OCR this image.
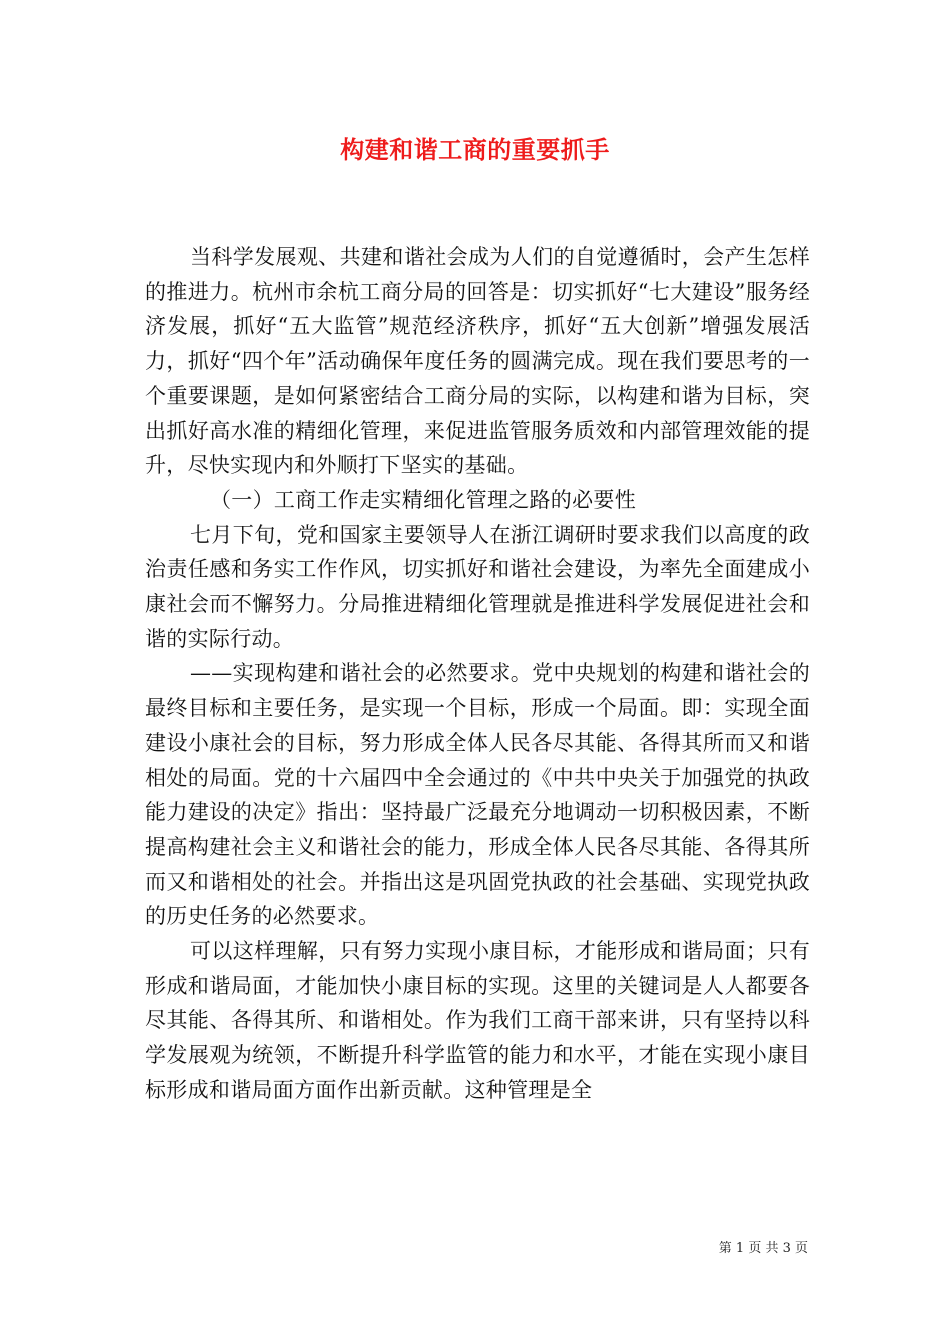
构建和谐工商的重要抓手

当科学发展观、共建和谐社会成为人们的自觉遵循时，会产生怎样的推进力。杭州市余杭工商分局的回答是：切实抓好“七大建设”服务经济发展，抓好“五大监管”规范经济秩序，抓好“五大创新”增强发展活力，抓好“四个年”活动确保年度任务的圆满完成。现在我们要思考的一个重要课题，是如何紧密结合工商分局的实际，以构建和谐为目标，突出抓好高水准的精细化管理，来促进监管服务质效和内部管理效能的提升，尽快实现内和外顺打下坚实的基础。

（一）工商工作走实精细化管理之路的必要性

七月下旬，党和国家主要领导人在浙江调研时要求我们以高度的政治责任感和务实工作作风，切实抓好和谐社会建设，为率先全面建成小康社会而不懈努力。分局推进精细化管理就是推进科学发展促进社会和谐的实际行动。

——实现构建和谐社会的必然要求。党中央规划的构建和谐社会的最终目标和主要任务，是实现一个目标，形成一个局面。即：实现全面建设小康社会的目标，努力形成全体人民各尽其能、各得其所而又和谐相处的局面。党的十六届四中全会通过的《中共中央关于加强党的执政能力建设的决定》指出：坚持最广泛最充分地调动一切积极因素，不断提高构建社会主义和谐社会的能力，形成全体人民各尽其能、各得其所而又和谐相处的社会。并指出这是巩固党执政的社会基础、实现党执政的历史任务的必然要求。

可以这样理解，只有努力实现小康目标，才能形成和谐局面；只有形成和谐局面，才能加快小康目标的实现。这里的关键词是人人都要各尽其能、各得其所、和谐相处。作为我们工商干部来讲，只有坚持以科学发展观为统领，不断提升科学监管的能力和水平，才能在实现小康目标形成和谐局面方面作出新贡献。这种管理是全

第 1 页 共 3 页
